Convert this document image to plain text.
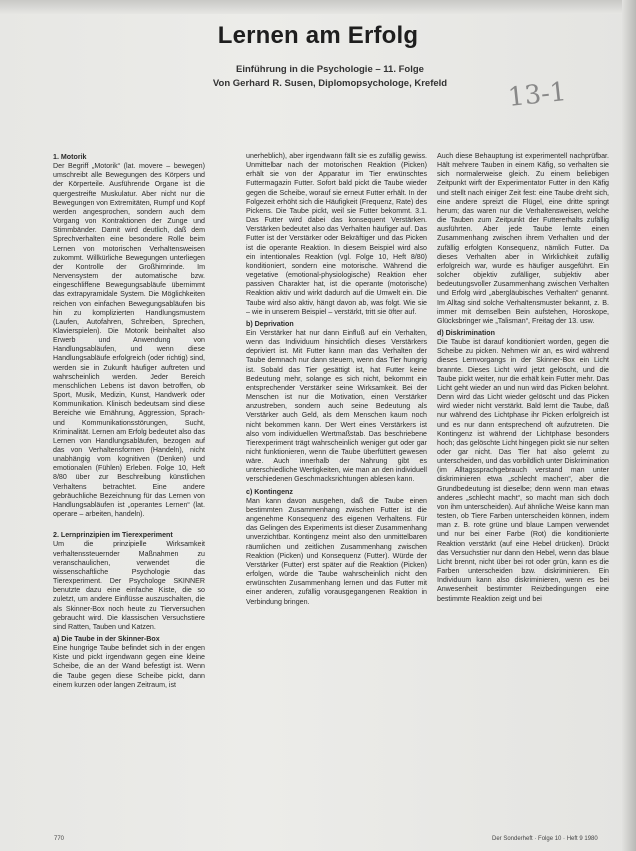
Lernen am Erfolg
Einführung in die Psychologie – 11. Folge
Von Gerhard R. Susen, Diplomopsychologe, Krefeld	13-1

1. Motorik

Der Begriff „Motorik“ (lat. movere – bewegen) umschreibt alle Bewegungen des Körpers und der Körperteile. Ausführende Organe ist die quergestreifte Muskulatur. Aber nicht nur die Bewegungen von Extremitäten, Rumpf und Kopf werden angesprochen, sondern auch dem Vorgang von Kontraktionen der Zunge und Stimmbänder. Damit wird deutlich, daß dem Sprechverhalten eine besondere Rolle beim Lernen von motorischen Verhaltensweisen zukommt. Willkürliche Bewegungen unterliegen der Kontrolle der Großhirnrinde. Im Nervensystem der automatische bzw. eingeschliffene Bewegungsabläufe übernimmt das extrapyramidale System. Die Möglichkeiten reichen von einfachen Bewegungsabläufen bis hin zu komplizierten Handlungsmustern (Laufen, Autofahren, Schreiben, Sprechen, Klavierspielen). Die Motorik beinhaltet also Erwerb und Anwendung von Handlungsabläufen, und wenn diese Handlungsabläufe erfolgreich (oder richtig) sind, werden sie in Zukunft häufiger auftreten und wahrscheinlich werden. Jeder Bereich menschlichen Lebens ist davon betroffen, ob Sport, Musik, Medizin, Kunst, Handwerk oder Kommunikation. Klinisch bedeutsam sind diese Bereiche wie Ernährung, Aggression, Sprach- und Kommunikationsstörungen, Sucht, Kriminalität. Lernen am Erfolg bedeutet also das Lernen von Handlungsabläufen, bezogen auf das von Verhaltensformen (Handeln), nicht unabhängig vom kognitiven (Denken) und emotionalen (Fühlen) Erleben. Folge 10, Heft 8/80 über zur Beschreibung künstlichen Verhaltens betrachtet. Eine andere gebräuchliche Bezeichnung für das Lernen von Handlungsabläufen ist „operantes Lernen“ (lat. operare – arbeiten, handeln).

2. Lernprinzipien im Tierexperiment

Um die prinzipielle Wirksamkeit verhaltenssteuernder Maßnahmen zu veranschaulichen, verwendet die wissenschaftliche Psychologie das Tierexperiment. Der Psychologe SKINNER benutzte dazu eine einfache Kiste, die so zuletzt, um andere Einflüsse auszuschalten, die als Skinner-Box noch heute zu Tierversuchen gebraucht wird. Die klassischen Versuchstiere sind Ratten, Tauben und Katzen.

a) Die Taube in der Skinner-Box

Eine hungrige Taube befindet sich in der engen Kiste und pickt irgendwann gegen eine kleine Scheibe, die an der Wand befestigt ist. Wenn die Taube gegen diese Scheibe pickt, dann einem kurzen oder langen Zeitraum, ist

unerheblich), aber irgendwann fällt sie es zufällig gewiss. Unmittelbar nach der motorischen Reaktion (Picken) erhält sie von der Apparatur im Tier erwünschtes Futtermagazin Futter. Sofort bald pickt die Taube wieder gegen die Scheibe, worauf sie erneut Futter erhält. In der Folgezeit erhöht sich die Häufigkeit (Frequenz, Rate) des Pickens. Die Taube pickt, weil sie Futter bekommt. 3.1. Das Futter wird dabei das konsequent Verstärken. Verstärken bedeutet also das Verhalten häufiger auf. Das Futter ist der Verstärker oder Bekräftiger und das Picken ist die operante Reaktion. In diesem Beispiel wird also ein intentionales Reaktion (vgl. Folge 10, Heft 8/80) konditioniert, sondern eine motorische. Während die vegetative (emotional-physiologische) Reaktion eher passiven Charakter hat, ist die operante (motorische) Reaktion aktiv und wirkt dadurch auf die Umwelt ein. Die Taube wird also aktiv, hängt davon ab, was folgt. Wie sie – wie in unserem Beispiel – verstärkt, tritt sie öfter auf.

b) Deprivation

Ein Verstärker hat nur dann Einfluß auf ein Verhalten, wenn das Individuum hinsichtlich dieses Verstärkers depriviert ist. Mit Futter kann man das Verhalten der Taube demnach nur dann steuern, wenn das Tier hungrig ist. Sobald das Tier gesättigt ist, hat Futter keine Bedeutung mehr, solange es sich nicht, bekommt ein entsprechender Verstärker seine Wirksamkeit. Bei der Menschen ist nur die Motivation, einen Verstärker anzustreben, sondern auch seine Bedeutung als Verstärker auch Geld, als dem Menschen kaum noch nicht bekommen kann. Der Wert eines Verstärkers ist also vom individuellen Wertmaßstab. Das beschriebene Tierexperiment trägt wahrscheinlich weniger gut oder gar nicht funktionieren, wenn die Taube überfüttert gewesen wäre. Auch innerhalb der Nahrung gibt es unterschiedliche Wertigkeiten, wie man an den individuell verschiedenen Geschmacksrichtungen ablesen kann.

c) Kontingenz

Man kann davon ausgehen, daß die Taube einen bestimmten Zusammenhang zwischen Futter ist die angenehme Konsequenz des eigenen Verhaltens. Für das Gelingen des Experiments ist dieser Zusammenhang unverzichtbar. Kontingenz meint also den unmittelbaren räumlichen und zeitlichen Zusammenhang zwischen Reaktion (Picken) und Konsequenz (Futter). Würde der Verstärker (Futter) erst später auf die Reaktion (Picken) erfolgen, würde die Taube wahrscheinlich nicht den erwünschten Zusammenhang lernen und das Futter mit einer anderen, zufällig vorausgegangenen Reaktion in Verbindung bringen.

Auch diese Behauptung ist experimentell nachprüfbar. Hält mehrere Tauben in einem Käfig, so verhalten sie sich normalerweise gleich. Zu einem beliebigen Zeitpunkt wirft der Experimentator Futter in den Käfig und stellt nach einiger Zeit fest: eine Taube dreht sich, eine andere spreizt die Flügel, eine dritte springt herum; das waren nur die Verhaltensweisen, welche die Tauben zum Zeitpunkt der Futtererhalts zufällig ausführten. Aber jede Taube lernte einen Zusammenhang zwischen ihrem Verhalten und der zufällig erfolgten Konsequenz, nämlich Futter. Da dieses Verhalten aber in Wirklichkeit zufällig erfolgreich war, wurde es häufiger ausgeführt. Ein solcher objektiv zufälliger, subjektiv aber bedeutungsvoller Zusammenhang zwischen Verhalten und Erfolg wird „abergläubisches Verhalten“ genannt. Im Alltag sind solche Verhaltensmuster bekannt, z. B. immer mit demselben Bein aufstehen, Horoskope, Glücksbringer wie „Talisman“, Freitag der 13. usw.

d) Diskrimination

Die Taube ist darauf konditioniert worden, gegen die Scheibe zu picken. Nehmen wir an, es wird während dieses Lernvorgangs in der Skinner-Box ein Licht brannte. Dieses Licht wird jetzt gelöscht, und die Taube pickt weiter, nur die erhält kein Futter mehr. Das Licht geht wieder an und nun wird das Picken belohnt. Denn wird das Licht wieder gelöscht und das Picken wird wieder nicht verstärkt. Bald lernt die Taube, daß nur während des Lichtphase ihr Picken erfolgreich ist und es nur dann entsprechend oft aufzutreten. Die Kontingenz ist während der Lichtphase besonders hoch; das gelöschte Licht hingegen pickt sie nur selten oder gar nicht. Das Tier hat also gelernt zu unterscheiden, und das vorbildlich unter Diskrimination (im Alltagssprachgebrauch verstand man unter diskriminieren etwa „schlecht machen“, aber die Grundbedeutung ist dieselbe; denn wenn man etwas anderes „schlecht macht“, so macht man sich doch von ihm unterscheiden). Auf ähnliche Weise kann man testen, ob Tiere Farben unterscheiden können, indem man z. B. rote grüne und blaue Lampen verwendet und nur bei einer Farbe (Rot) die konditionierte Reaktion verstärkt (auf eine Hebel drücken). Drückt das Versuchstier nur dann den Hebel, wenn das blaue Licht brennt, nicht über bei rot oder grün, kann es die Farben unterscheiden bzw. diskriminieren. Ein Individuum kann also diskriminieren, wenn es bei Anwesenheit bestimmter Reizbedingungen eine bestimmte Reaktion zeigt und bei

770	Der Sonderheft · Folge 10 · Heft 9 1980
